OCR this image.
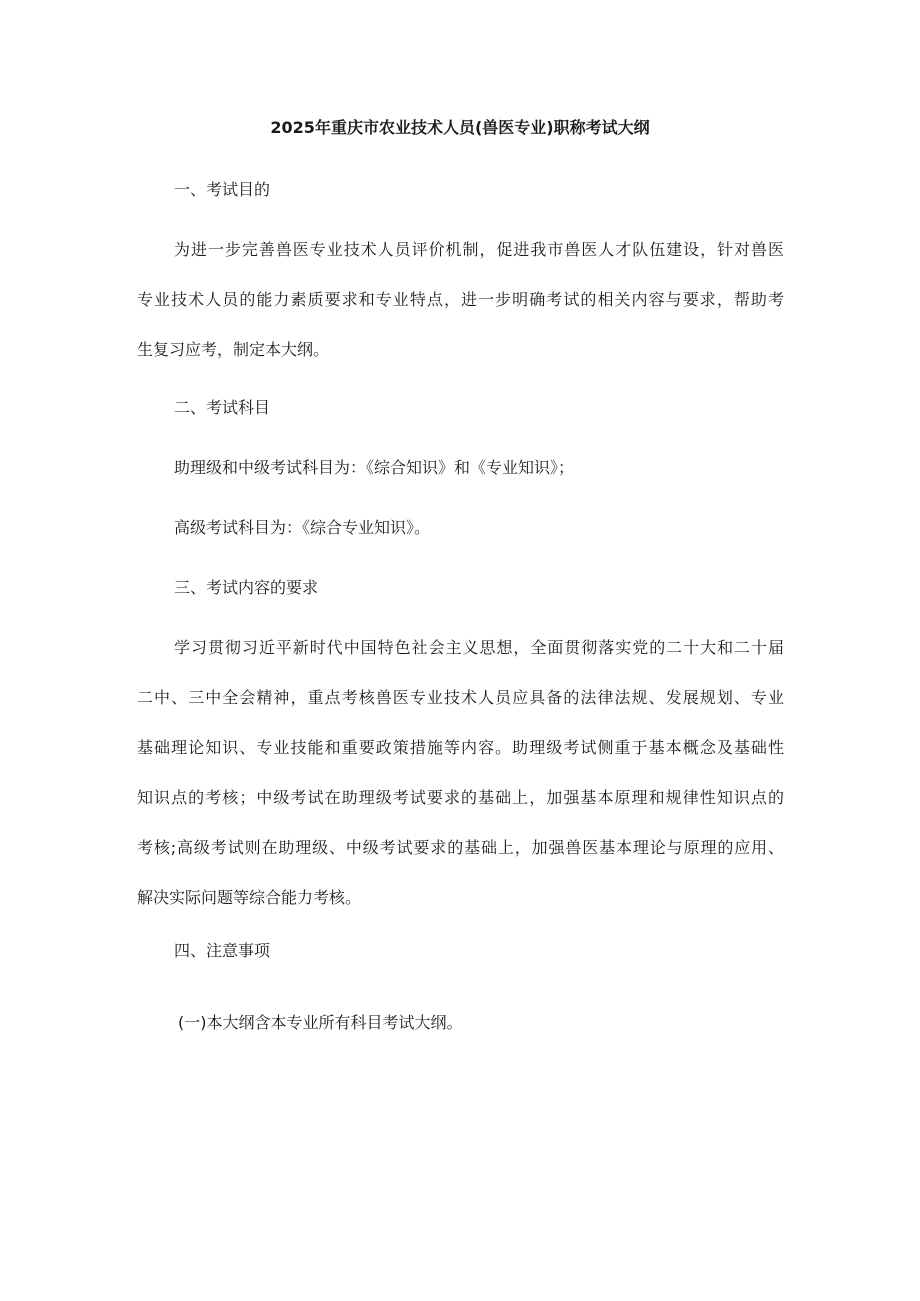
2025年重庆市农业技术人员(兽医专业)职称考试大纲

一、考试目的

为进一步完善兽医专业技术人员评价机制，促进我市兽医人才队伍建设，针对兽医
专业技术人员的能力素质要求和专业特点，进一步明确考试的相关内容与要求，帮助考
生复习应考，制定本大纲。

二、考试科目

助理级和中级考试科目为：《综合知识》和《专业知识》；

高级考试科目为：《综合专业知识》。

三、考试内容的要求

学习贯彻习近平新时代中国特色社会主义思想，全面贯彻落实党的二十大和二十届
二中、三中全会精神，重点考核兽医专业技术人员应具备的法律法规、发展规划、专业
基础理论知识、专业技能和重要政策措施等内容。助理级考试侧重于基本概念及基础性
知识点的考核；中级考试在助理级考试要求的基础上，加强基本原理和规律性知识点的
考核;高级考试则在助理级、中级考试要求的基础上，加强兽医基本理论与原理的应用、
解决实际问题等综合能力考核。

四、注意事项

(一)本大纲含本专业所有科目考试大纲。
